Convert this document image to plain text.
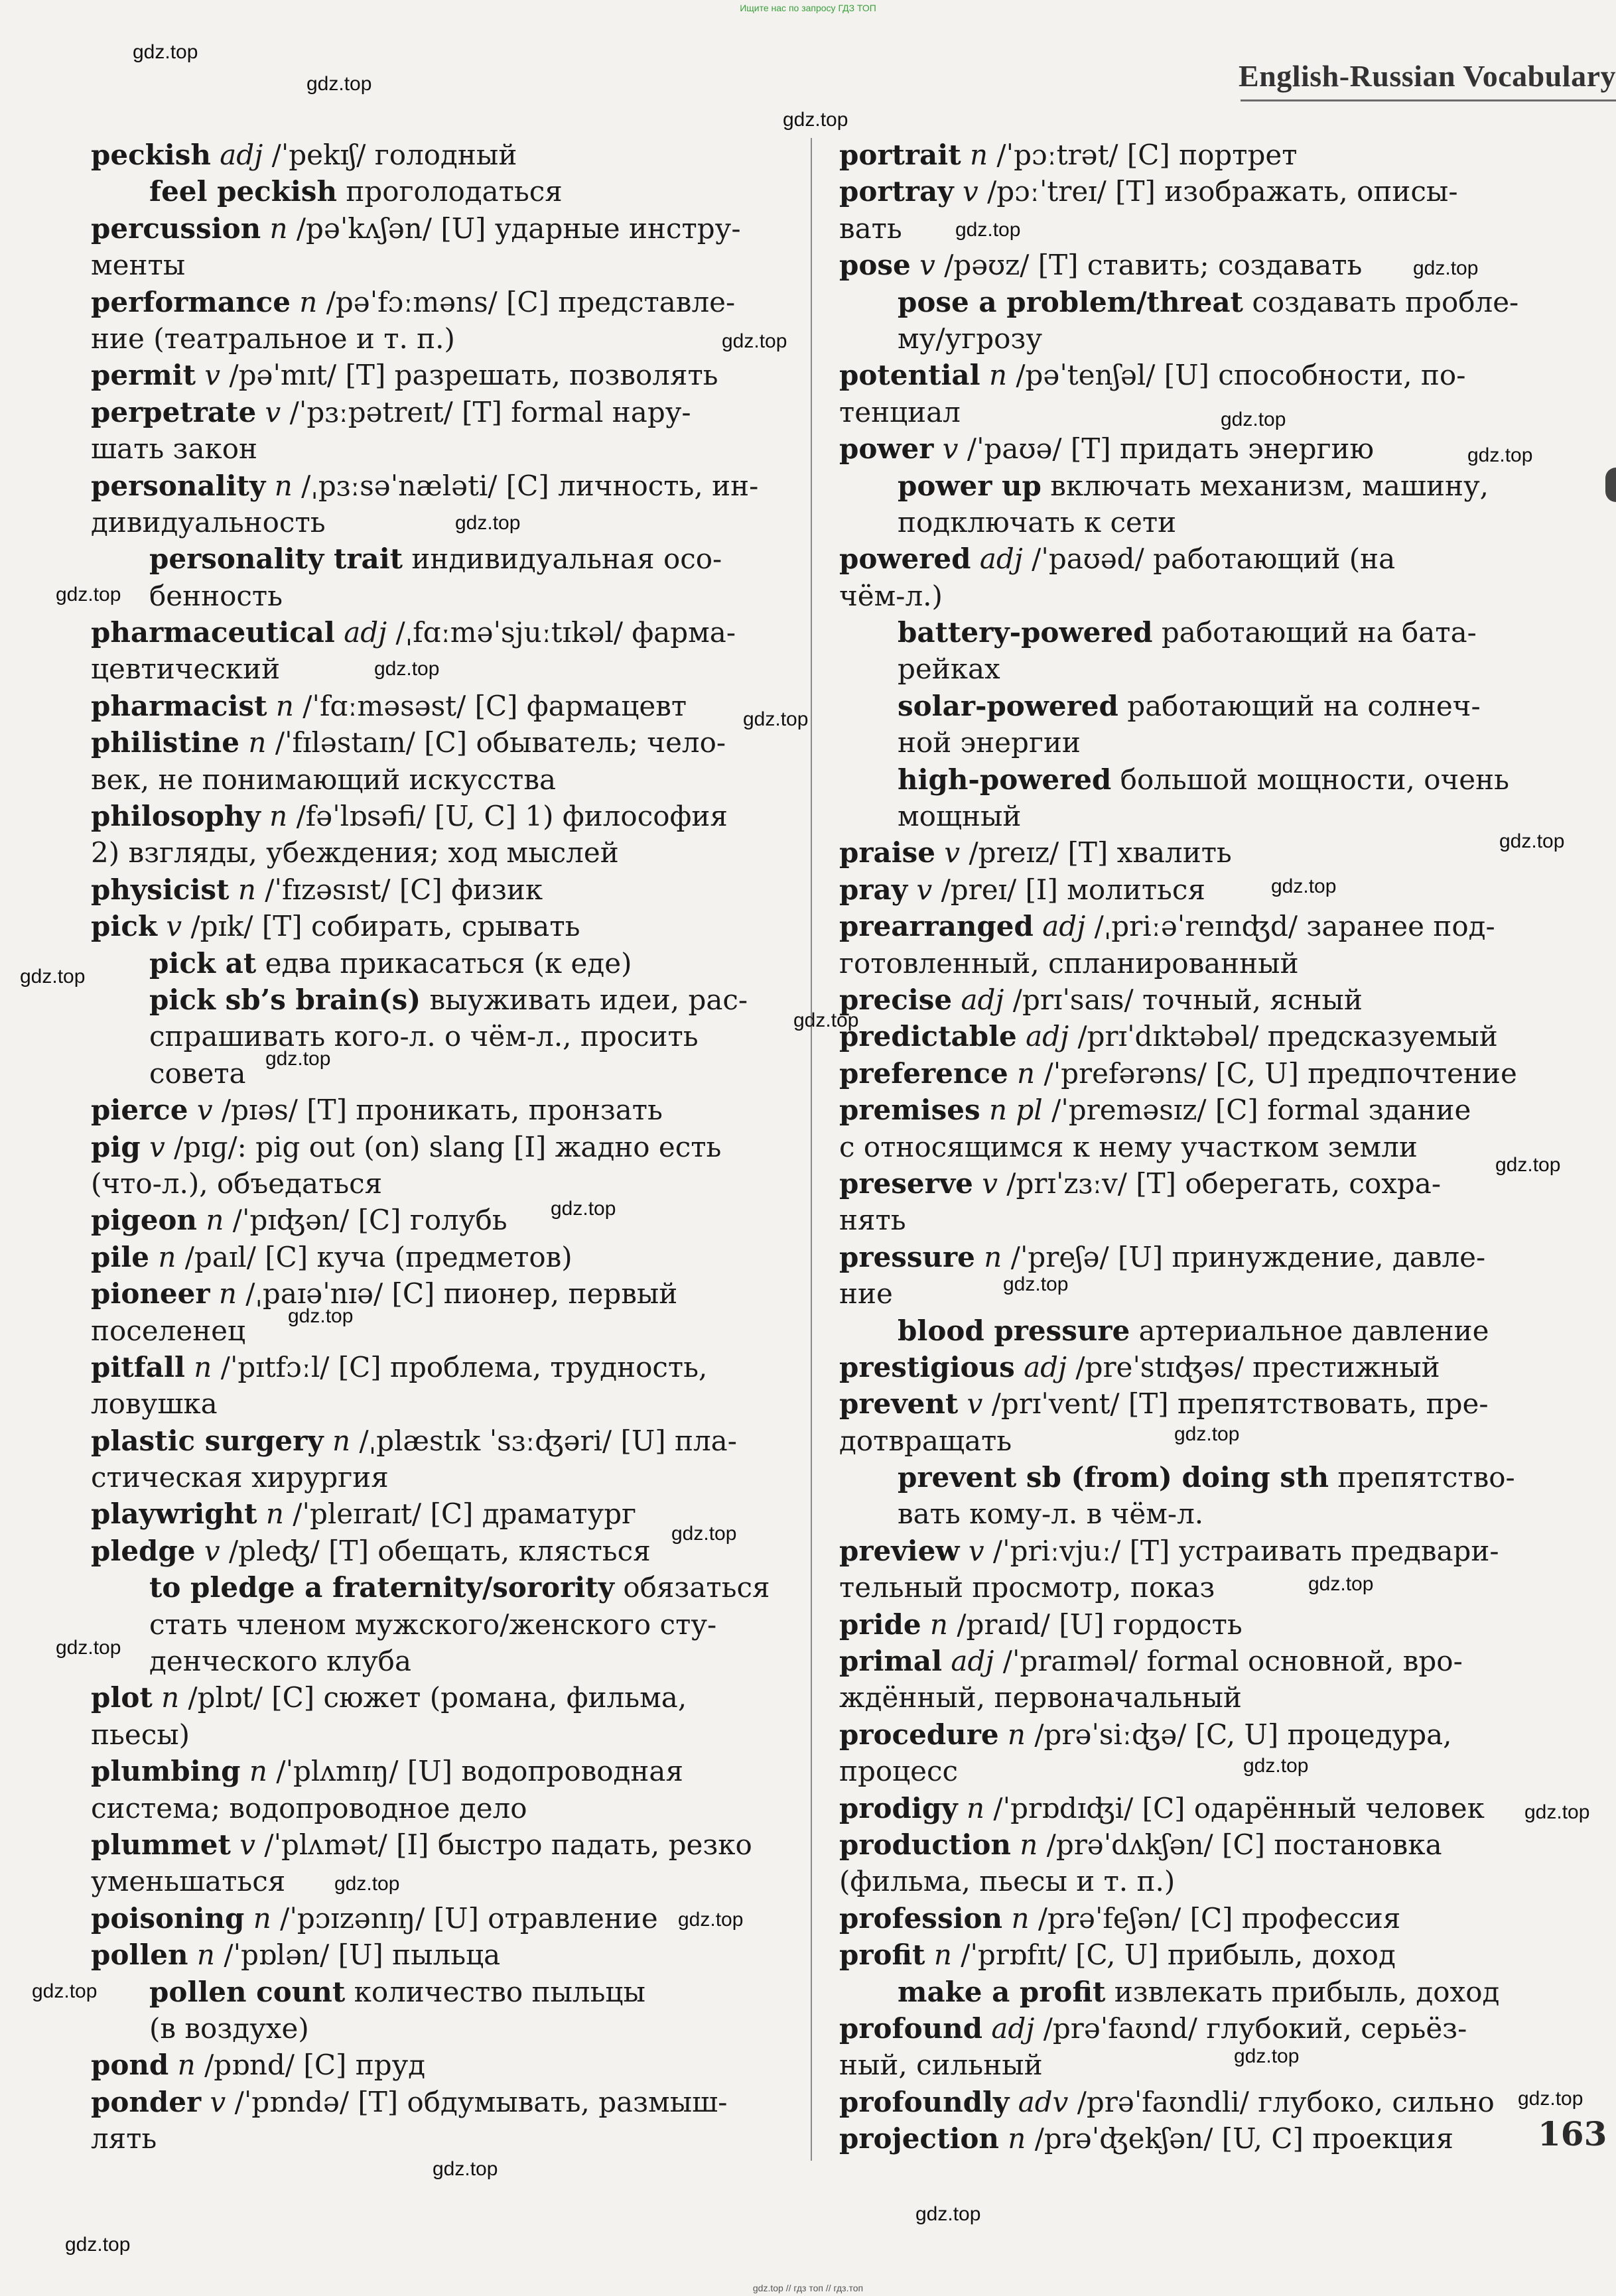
Ищите нас по запросу ГДЗ ТОП
English-Russian Vocabulary
peckish adj /ˈpekɪʃ/ голодный
feel peckish проголодаться
percussion n /pəˈkʌʃən/ [U] ударные инстру-
менты
performance n /pəˈfɔːməns/ [C] представле-
ние (театральное и т. п.)
permit v /pəˈmɪt/ [T] разрешать, позволять
perpetrate v /ˈpɜːpətreɪt/ [T] formal нару-
шать закон
personality n /ˌpɜːsəˈnæləti/ [C] личность, ин-
дивидуальность
personality trait индивидуальная осо-
бенность
pharmaceutical adj /ˌfɑːməˈsjuːtɪkəl/ фарма-
цевтический
pharmacist n /ˈfɑːməsəst/ [C] фармацевт
philistine n /ˈfɪləstaɪn/ [C] обыватель; чело-
век, не понимающий искусства
philosophy n /fəˈlɒsəfi/ [U, C] 1) философия
2) взгляды, убеждения; ход мыслей
physicist n /ˈfɪzəsɪst/ [C] физик
pick v /pɪk/ [T] собирать, срывать
pick at едва прикасаться (к еде)
pick sb’s brain(s) выуживать идеи, рас-
спрашивать кого-л. о чём-л., просить
совета
pierce v /pɪəs/ [T] проникать, пронзать
pig v /pɪɡ/: pig out (on) slang [I] жадно есть
(что-л.), объедаться
pigeon n /ˈpɪʤən/ [C] голубь
pile n /paɪl/ [C] куча (предметов)
pioneer n /ˌpaɪəˈnɪə/ [C] пионер, первый
поселенец
pitfall n /ˈpɪtfɔːl/ [C] проблема, трудность,
ловушка
plastic surgery n /ˌplæstɪk ˈsɜːʤəri/ [U] пла-
стическая хирургия
playwright n /ˈpleɪraɪt/ [C] драматург
pledge v /pleʤ/ [T] обещать, клясться
to pledge a fraternity/sorority обязаться
стать членом мужского/женского сту-
денческого клуба
plot n /plɒt/ [C] сюжет (романа, фильма,
пьесы)
plumbing n /ˈplʌmɪŋ/ [U] водопроводная
система; водопроводное дело
plummet v /ˈplʌmət/ [I] быстро падать, резко
уменьшаться
poisoning n /ˈpɔɪzənɪŋ/ [U] отравление
pollen n /ˈpɒlən/ [U] пыльца
pollen count количество пыльцы
(в воздухе)
pond n /pɒnd/ [C] пруд
ponder v /ˈpɒndə/ [T] обдумывать, размыш-
лять
portrait n /ˈpɔːtrət/ [C] портрет
portray v /pɔːˈtreɪ/ [T] изображать, описы-
вать
pose v /pəʊz/ [T] ставить; создавать
pose a problem/threat создавать пробле-
му/угрозу
potential n /pəˈtenʃəl/ [U] способности, по-
тенциал
power v /ˈpaʊə/ [T] придать энергию
power up включать механизм, машину,
подключать к сети
powered adj /ˈpaʊəd/ работающий (на
чём-л.)
battery-powered работающий на бата-
рейках
solar-powered работающий на солнеч-
ной энергии
high-powered большой мощности, очень
мощный
praise v /preɪz/ [T] хвалить
pray v /preɪ/ [I] молиться
prearranged adj /ˌpriːəˈreɪnʤd/ заранее под-
готовленный, спланированный
precise adj /prɪˈsaɪs/ точный, ясный
predictable adj /prɪˈdɪktəbəl/ предсказуемый
preference n /ˈprefərəns/ [C, U] предпочтение
premises n pl /ˈpreməsɪz/ [C] formal здание
с относящимся к нему участком земли
preserve v /prɪˈzɜːv/ [T] оберегать, сохра-
нять
pressure n /ˈpreʃə/ [U] принуждение, давле-
ние
blood pressure артериальное давление
prestigious adj /preˈstɪʤəs/ престижный
prevent v /prɪˈvent/ [T] препятствовать, пре-
дотвращать
prevent sb (from) doing sth препятство-
вать кому-л. в чём-л.
preview v /ˈpriːvjuː/ [T] устраивать предвари-
тельный просмотр, показ
pride n /praɪd/ [U] гордость
primal adj /ˈpraɪməl/ formal основной, вро-
ждённый, первоначальный
procedure n /prəˈsiːʤə/ [C, U] процедура,
процесс
prodigy n /ˈprɒdɪʤi/ [C] одарённый человек
production n /prəˈdʌkʃən/ [C] постановка
(фильма, пьесы и т. п.)
profession n /prəˈfeʃən/ [C] профессия
profit n /ˈprɒfɪt/ [C, U] прибыль, доход
make a profit извлекать прибыль, доход
profound adj /prəˈfaʊnd/ глубокий, серьёз-
ный, сильный
profoundly adv /prəˈfaʊndli/ глубоко, сильно
projection n /prəˈʤekʃən/ [U, C] проекция	163
gdz.top
gdz.top
gdz.top
gdz.top
gdz.top
gdz.top
gdz.top
gdz.top
gdz.top
gdz.top
gdz.top
gdz.top
gdz.top
gdz.top
gdz.top
gdz.top
gdz.top
gdz.top
gdz.top
gdz.top
gdz.top
gdz.top
gdz.top
gdz.top
gdz.top
gdz.top
gdz.top
gdz.top
gdz.top
gdz.top
gdz.top
gdz.top
gdz.top
gdz.top
gdz.top
gdz.top // гдз топ // гдз.топ
